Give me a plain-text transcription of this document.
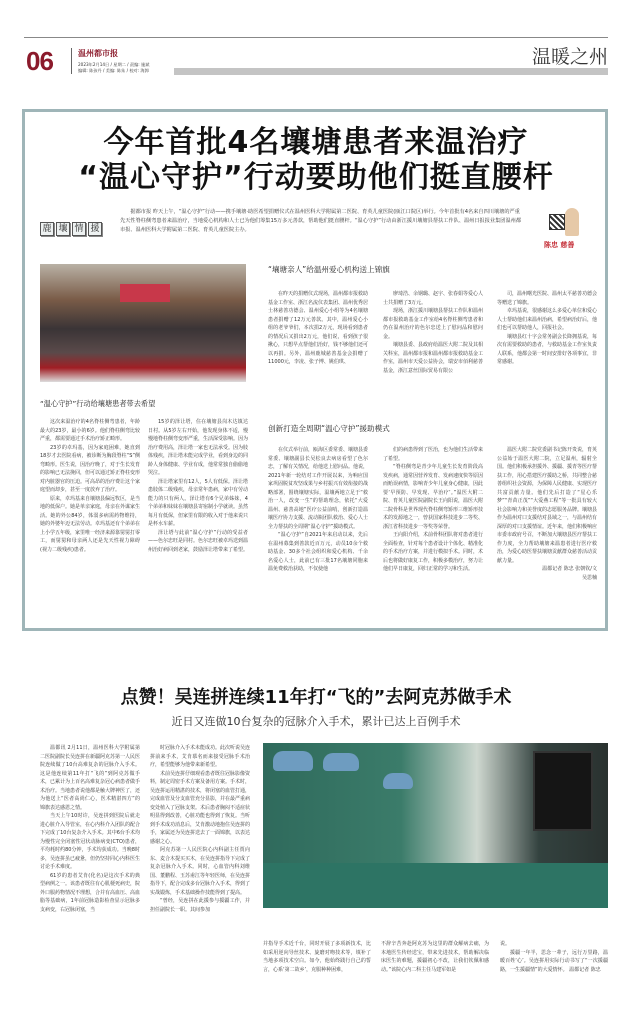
06	温州都市报
2023年2月14日 / 星期二 / 责编: 施斌
编辑: 陈孩丹 / 美编: 陈朱 / 校对: 海卸
温暖之州
今年首批4名壤塘患者来温治疗
“温心守护”行动要助他们挺直腰杆
鹿 壤 情 援
据都市报 昨天上午，“温心守护”行动——携手壤塘·助医希望捐赠仪式在温州医科大学附属第二医院、育英儿童医院(瓯江口院区)举行。今年首批有4名来自四川壤塘的严重先天性脊柱侧弯患者来温治疗，当地爱心机构和人士已为他们筹集15万多元善款，帮助他们挺直腰杆。“温心守护”行动由浙江援川壤塘县帮扶工作队、温州日报报业集团温州都市报、温州医科大学附属第二医院、育英儿童医院主办。
陈忠 慈善
“温心守护”行动给壤塘患者带去希望

这次来温治疗的4名脊柱侧弯患者，年龄最大的23岁，最小的6岁。他们脊柱侧弯比较严重，都需要通过手术治疗矫正畸形。

23岁的卓玛基，因为家庭困难，她直到18岁才去医院看病，被诊断为胸段脊柱“S”侧弯畸形。医生说，因治疗晚了，对于生长发育的影响已无法挽回，但可以通过矫正脊柱变形对内脏器官的压迫。可高昂的治疗费让这个家庭望而却步，甚至一度放弃了治疗。

原来，卓玛基来自壤塘县偏远牧区，是当地的低保户。她是单亲家庭，母亲在外谋家生活。她的外公84岁，体弱多病需药物维持，她的外婆年迈无法劳动。卓玛基还有个弟弟在上小学五年级，家里唯一经济来源靠舅舅打零工，而舅舅和母亲两人还是先天性视力障碍(视力二级残疾)患者。

15岁的泽让塔，住在壤塘县岗木达镇达日村。从5岁左右开始，他发现身体不适，慢慢地脊柱侧弯变形严重，生活深受影响。因为治疗费用高，泽让塔一家也无法承受。因为肢体残疾，泽让塔未能完成学业，看到身边的同龄人身体健康、学业有成，他常常独自偷偷地哭泣。

泽让塔家里有12人，5人有低保。泽让塔患肢体二级残疾，母亲常年患病，家中有劳动能力的只有两人。泽让塔有6个兄弟姊妹，4个弟弟和妹妹在壤塘县寄宿制小学就读。虽然每月有低保，但家里有限的收入对于他来说只是杯水车薪。

泽让塔与此前“温心守护”行动的受益者——色尔忠旺是同村。色尔忠旺被卓玛送到温州治好病回到老家，鼓励泽让塔带来了希望。

“壤塘亲人”给温州爱心机构送上锦旗

在昨天的捐赠仪式现场，温州都市报救助基金工作室、浙江名流仪表集团、温州优秀居士林慈善功德会、温州爱心小组等为4名壤塘患者捐赠了12万元善款。其中，温州爱心小组的老爷爷们，本次捐2万元，现场看到患者的情况后又捐出2万元，他们说，看到孩子很揪心，只想早点帮他们治好，钱不够他们还可以再捐。另外，温州鹿城慈善基金会捐赠了11000元，李凌、张子博、姚伯琪、

廖琦浩、余钢璐、赵宇、张春娟等爱心人士共捐赠了3万元。

现场，浙江援川壤塘县帮扶工作队和温州都市报救助基金工作室给4名脊柱侧弯患者和仍在温州治疗的色尔忠送上了慰问品和慰问金。

壤塘县委、县政府给温医大附二院及其相关科室，温州都市报和温州都市报救助基金工作室，温州市天爱公益协会，瑞安市佰利慈善基金，浙江意丝国际贸易有限公

司，温州曙光医院、温州太平慈善功德会等赠送了锦旗。

卓玛基说，很感谢这么多爱心单位和爱心人士帮助他们来温州治病，希望病治好后，他们也可以帮助他人，回报社会。

壤塘县红十字会常务副会长降拥基说，每次有需要救助的患者，与救助基金工作室负责人联系，他都会第一时间安排好各项事宜，非常感谢。

创新打造全周期“温心守护”援助模式

在仪式举行前，瓯海区委常委、壤塘县委常委、壤塘副县长吴松良去病房看望了色尔忠，了解有关情况，给他送上慰问品。他说，2021年新一轮结对工作开展以来，为响应国家巩固脱贫攻坚成果与乡村振兴有效衔接的战略部署，围绕壤塘实际，温壤两地立足于“救治一人，改变一生”的帮助理念，依托“大爱温州、慈善高地”医疗公益前哨，创新打造温壤医疗协力支援、流动瓶团队救治、爱心人士全力帮扶的全周期“温心守护”援助模式。

“温心守护”自2021年来启动以来，先后在温州募集到善款近百万元，动员10余个救助基金、30多个社会组织和爱心机构、千余名爱心人士，此前已有三批17名壤塘同胞来温免费救治获助，不仅使他

们的病患得到了医治，也为他们生活带来了希望。

“脊柱侧弯是青少年儿童生长发育阶段高发疾病，通常因营养发育、发病速度快等原因而贻误病情，影响青少年儿童身心健康，因此要‘早预防、早发现、早治疗’。”温医大附二院、育英儿童医院副院长王向阳说，温医大附二院骨科是世界现代脊柱侧弯矫形三维矫形技术的发源地之一，曾获国家科技进步二等奖、浙江省科技进步一等奖等荣誉。

王向阳介绍，术前骨科团队将对患者进行全面检查，针对每个患者设计个体化、精准化的手术治疗方案，并进行模拟手术。同时，术后也将做好康复工作，积极多模治疗，努力让他们早日康复，回归正常的学习和生活。

温医大附二院党委副书记陈开贵说，育英公益始于温医大附二院，立足温州，辐射全国。他们积极承担援外、援疆、援青等医疗帮扶工作，用心搭建医疗援助之桥，共同整合慈善组织社会资源，为保障人民健康、实现医疗共富贡献力量。他们先后打造了“星心乐梦”“青苗正茂”“大爱燕工程”等一批具有较大社会影响力和美誉度的志愿服务品牌。壤塘县作为温州对口支援结对县域之一，与温州结有深厚的对口支援情谊。近年来，他们积极响应市委市政府号召，不断加大壤塘县医疗帮扶工作力度，全力帮助壤塘来温患者进行医疗救治，为爱心助医帮扶壤塘贡献群众慈善活动贡献力量。

温都记者 陈忠 张朝钦/文

吴思楠

点赞！吴连拼连续11年打“飞的”去阿克苏做手术
近日又连做10台复杂的冠脉介入手术，累计已达上百例手术

温都讯 2月11日，温州医科大学附属第二医院副院长吴连拼在新疆阿克苏第一人民医院连续做了10台高难复杂的冠脉介入手术。这是他连续第11年打“飞的”到阿克苏做手术，已累计为上百名高难复杂冠心病患者做手术治疗。当地患者说他都是触大牌神医了，还为他送上“医者高尚仁心，医术精湛四方”的锦旗表达感恩之情。

当天上午10时许，吴连拼到医院后就走进心脏介入导管室，在心内科介入团队的配合下完成了10台复杂介入手术。其中6台手术均为慢性完全闭塞性冠状动脉病变(CTO)患者，平均耗时约80分钟，手术均获成功。当晚8时多，吴连拼虽已疲惫，但仍坚持同心内科医生讨论手术难度。

61岁的患者艾肯(化名)是这次手术的典型病例之一。该患者既往有心肌梗死病史，院外口服药物情况不理想，合并有高血压、高血脂等基础病，1年前冠脉造影检查显示冠脉多支病变，右冠脉闭塞，当

时冠脉介入手术未能成功。此次听说吴连拼前来手术，艾肯慕名而来接受冠脉手术治疗，希望能够为他带来新希望。

术前吴连拼仔细观看患者既往冠脉影像资料，制定周密手术方案及备用方案。手术时，吴连拼运用精湛的技术，将闭塞的血管打通，完成血管及分支血管充分显影，并在最严重病变处植入了冠脉支架。术后患者胸闷不适症状明显得到改善，心脏功能也得到了恢复。当听到手术成功消息后，艾肯激动地抱住吴连拼的手，家属还为吴连拼送去了一面锦旗，以表达感谢之心。

阿克苏第一人民医院心内科副主任贾向东、麦合木提买买木，在吴连拼指导下完成了复杂冠脉介入手术。同时，心血管内科刘维国、董鹏程、玉苏甫江等年轻医师，在吴连拼指导下，配合完成多台冠脉介入手术，得到了实战锻炼，手术基础操作技能得到了提高。

“曾经，吴连拼在此援参与援疆工作，并担任副院长一职。其间参加

并指导手术近千台，同时开展了多项新技术，比如采用逆向导丝技术、旋磨对吻技术等，填补了当地多项技术空白。如今，他始终践行自己的誓言，心系‘第二故乡’，克服种种困难，

不辞辛苦奔赴阿克苏为这里的群众解病去痛，为本地医生传经送宝，带来先进技术，帮助解决临床医生的难题，援疆初心不改，让我们钦佩和感动。”该院心内二科主任马建军如是

说。

援疆一年半，思念一辈子，远行万里路，温暖百姓‘心’。吴连拼用实际行动书写了“一次援疆路，一生援疆情”的大爱情怀。 温都记者 陈忠
